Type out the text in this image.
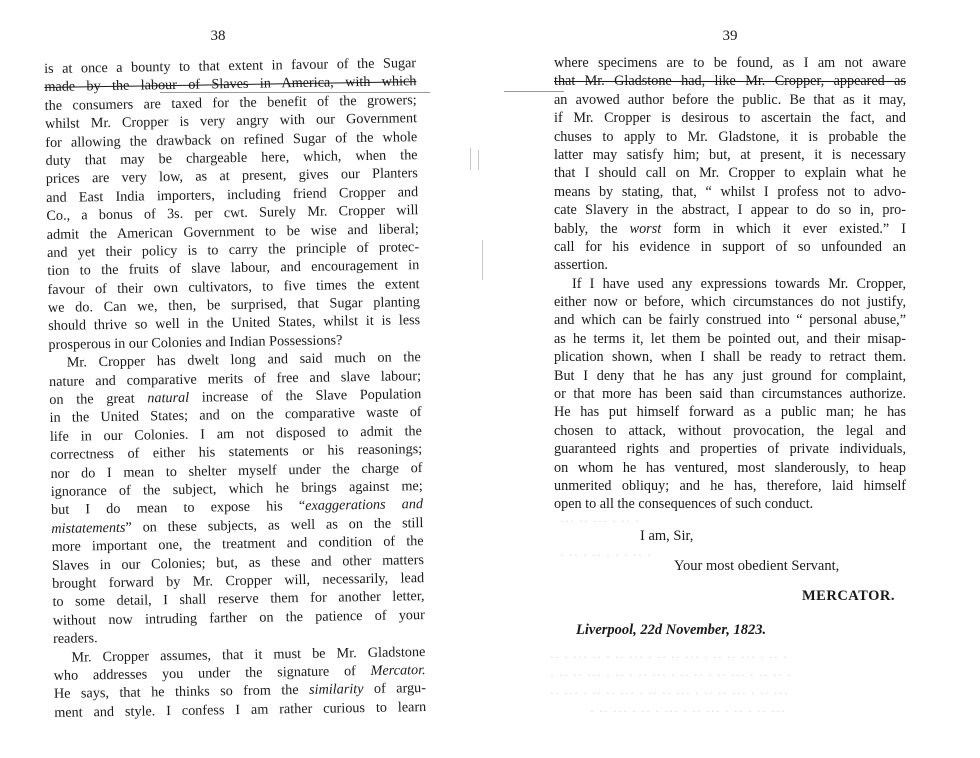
38
is at once a bounty to that extent in favour of the Sugar
made by the labour of Slaves in America, with which
the consumers are taxed for the benefit of the growers;
whilst Mr. Cropper is very angry with our Government
for allowing the drawback on refined Sugar of the whole
duty that may be chargeable here, which, when the
prices are very low, as at present, gives our Planters
and East India importers, including friend Cropper and
Co., a bonus of 3s. per cwt. Surely Mr. Cropper will
admit the American Government to be wise and liberal;
and yet their policy is to carry the principle of protec-
tion to the fruits of slave labour, and encouragement in
favour of their own cultivators, to five times the extent
we do. Can we, then, be surprised, that Sugar planting
should thrive so well in the United States, whilst it is less
prosperous in our Colonies and Indian Possessions?
Mr. Cropper has dwelt long and said much on the
nature and comparative merits of free and slave labour;
on the great natural increase of the Slave Population
in the United States; and on the comparative waste of
life in our Colonies. I am not disposed to admit the
correctness of either his statements or his reasonings;
nor do I mean to shelter myself under the charge of
ignorance of the subject, which he brings against me;
but I do mean to expose his “exaggerations and
mistatements” on these subjects, as well as on the still
more important one, the treatment and condition of the
Slaves in our Colonies; but, as these and other matters
brought forward by Mr. Cropper will, necessarily, lead
to some detail, I shall reserve them for another letter,
without now intruding farther on the patience of your
readers.
Mr. Cropper assumes, that it must be Mr. Gladstone
who addresses you under the signature of Mercator.
He says, that he thinks so from the similarity of argu-
ment and style. I confess I am rather curious to learn
39
where specimens are to be found, as I am not aware
that Mr. Gladstone had, like Mr. Cropper, appeared as
an avowed author before the public. Be that as it may,
if Mr. Cropper is desirous to ascertain the fact, and
chuses to apply to Mr. Gladstone, it is probable the
latter may satisfy him; but, at present, it is necessary
that I should call on Mr. Cropper to explain what he
means by stating, that, “ whilst I profess not to advo-
cate Slavery in the abstract, I appear to do so in, pro-
bably, the worst form in which it ever existed.” I
call for his evidence in support of so unfounded an
assertion.
If I have used any expressions towards Mr. Cropper,
either now or before, which circumstances do not justify,
and which can be fairly construed into “ personal abuse,”
as he terms it, let them be pointed out, and their misap-
plication shown, when I shall be ready to retract them.
But I deny that he has any just ground for complaint,
or that more has been said than circumstances authorize.
He has put himself forward as a public man; he has
chosen to attack, without provocation, the legal and
guaranteed rights and properties of private individuals,
on whom he has ventured, most slanderously, to heap
unmerited obliquy; and he has, therefore, laid himself
open to all the consequences of such conduct.
I am, Sir,
Your most obedient Servant,
MERCATOR.
Liverpool, 22d November, 1823.
··· ·· ··· · ·· ·
· ·· · ·· · · · ·· ·
·· · ··· ·· · ·· ··· · ·· ·· ··· · ·· ·· ··· · ·· ·
· ·· ·· ··· · ·· · ·· ··· · ·· ·· · ·· ··· · ·· ·· ·
·· ··· · ·· ·· ··· · ·· ·· ··· · ·· ·· ··· · ·· ···
· ·· ··· · ·· · ··· · ·· ··· · ·· · ·· ···
